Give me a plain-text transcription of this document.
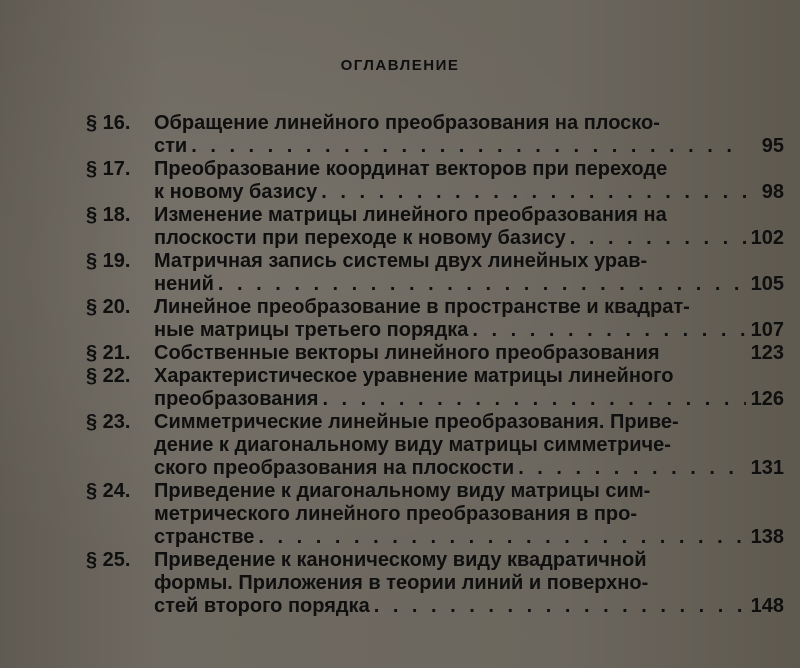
ОГЛАВЛЕНИЕ
§ 16.	Обращение линейного преобразования на плоско-
сти . . .	95
§ 17.	Преобразование координат векторов при переходе
к новому базису . . .	98
§ 18.	Изменение матрицы линейного преобразования на
плоскости при переходе к новому базису . . .	102
§ 19.	Матричная запись системы двух линейных урав-
нений . . .	105
§ 20.	Линейное преобразование в пространстве и квадрат-
ные матрицы третьего порядка . . .	107
§ 21.	Собственные векторы линейного преобразования	123
§ 22.	Характеристическое уравнение матрицы линейного
преобразования . . .	126
§ 23.	Симметрические линейные преобразования. Приве-
дение к диагональному виду матрицы симметриче-
ского преобразования на плоскости . . .	131
§ 24.	Приведение к диагональному виду матрицы сим-
метрического линейного преобразования в про-
странстве . . .	138
§ 25.	Приведение к каноническому виду квадратичной
формы. Приложения в теории линий и поверхно-
стей второго порядка . . .	148
